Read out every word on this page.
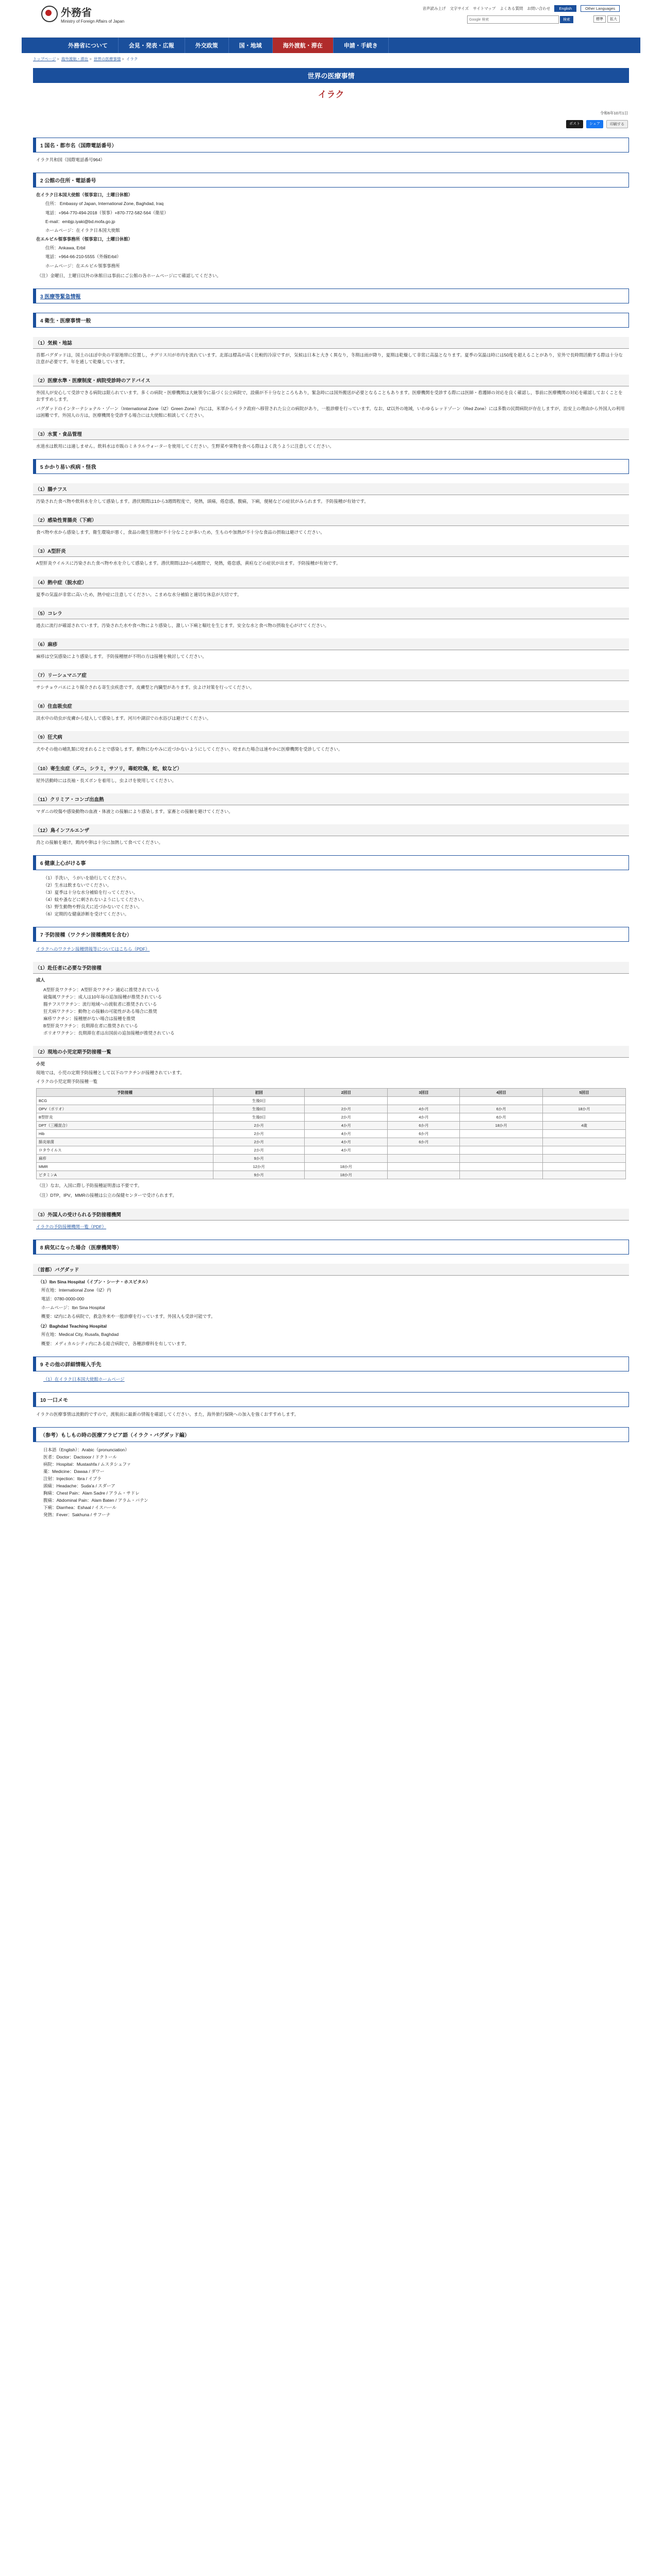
外務省
Ministry of Foreign Affairs of Japan
音声読み上げ 文字サイズ サイトマップ よくある質問 お問い合わせ	English	Other Languages
Google 検索
検索	標準	拡大
外務省について	会見・発表・広報	外交政策	国・地域	海外渡航・滞在	申請・手続き
トップページ > 海外渡航・滞在 > 世界の医療事情 > イラク
世界の医療事情
イラク
令和6年10月1日
ポスト	シェア	印刷する
1 国名・都市名（国際電話番号）

イラク共和国（国際電話番号964）

2 公館の住所・電話番号

在イラク日本国大使館（領事窓口，土曜日休館）

住所： Embassy of Japan, International Zone, Baghdad, Iraq

電話：+964-770-494-2018（領事）+870-772-582-564（衛星）

E-mail：embjp.iyaki@bd.mofa.go.jp

ホームページ：在イラク日本国大使館

在エルビル領事事務所（領事窓口，土曜日休館）

住所：Ankawa, Erbil

電話：+964-66-210-5555（外線Erbil）

ホームページ：在エルビル領事事務所

（注）金曜日，土曜日以外の休館日は事前にご公館の各ホームページにて確認してください。

3 医療等緊急情報
4 衛生・医療事情一般
（1）気候・地誌

首都バグダッドは，国土のほぼ中央の平原地帯に位置し，チグリス川が市内を流れています。北部は標高が高く比較的冷涼ですが，気候は日本と大きく異なり，冬期は雨が降り，夏期は乾燥して非常に高温となります。夏季の気温は時には50度を超えることがあり，室外で長時間活動する際は十分な注意が必要です。年を通して乾燥しています。

（2）医療水準・医療制度・病院受診時のアドバイス

外国人が安心して受診できる病院は限られています。多くの病院・医療機関は大統領令に基づく公立病院で，設備が不十分なところもあり，緊急時には国外搬送が必要となることもあります。医療機関を受診する際には医師・看護師の対応を良く確認し，事前に医療機関の対応を確認しておくことをおすすめします。

バグダッドのインターナショナル・ゾーン（International Zone（IZ）Green Zone）内には，米軍からイラク政府へ移管された公立の病院があり，一般診療を行っています。なお，IZ以外の地域，いわゆるレッドゾーン（Red Zone）には多数の民間病院が存在しますが，治安上の理由から外国人の利用は困難です。外国人の方は，医療機関を受診する場合には大使館に相談してください。

（3）水質・食品管理

水道水は飲用には適しません。飲料水は市販のミネラルウォーターを使用してください。生野菜や果物を食べる際はよく洗うように注意してください。

5 かかり易い疾病・怪我
（1）腸チフス

汚染された食べ物や飲料水を介して感染します。潜伏期間は1から3週間程度で，発熱，頭痛，倦怠感，腹痛，下痢，便秘などの症状がみられます。予防接種が有効です。

（2）感染性胃腸炎（下痢）

食べ物や水から感染します。衛生環境が悪く，食品の衛生管理が不十分なことが多いため，生ものや加熱が不十分な食品の摂取は避けてください。

（3）A型肝炎

A型肝炎ウイルスに汚染された食べ物や水を介して感染します。潜伏期間は2から6週間で，発熱，倦怠感，黄疸などの症状が出ます。予防接種が有効です。

（4）熱中症（脱水症）

夏季の気温が非常に高いため，熱中症に注意してください。こまめな水分補給と適切な休息が大切です。

（5）コレラ

過去に流行が確認されています。汚染された水や食べ物により感染し，激しい下痢と嘔吐を生じます。安全な水と食べ物の摂取を心がけてください。

（6）麻疹

麻疹は空気感染により感染します。予防接種歴が不明の方は接種を検討してください。

（7）リーシュマニア症

サシチョウバエにより媒介される寄生虫疾患です。皮膚型と内臓型があります。虫よけ対策を行ってください。

（8）住血吸虫症

淡水中の幼虫が皮膚から侵入して感染します。河川や湖沼での水浴びは避けてください。

（9）狂犬病

犬やその他の哺乳類に咬まれることで感染します。動物にむやみに近づかないようにしてください。咬まれた場合は速やかに医療機関を受診してください。

（10）寄生虫症（ダニ，シラミ，サソリ，毒蛇咬傷，蛇，蚊など）

屋外活動時には長袖・長ズボンを着用し，虫よけを使用してください。

（11）クリミア・コンゴ出血熱

マダニの咬傷や感染動物の血液・体液との接触により感染します。家畜との接触を避けてください。

（12）鳥インフルエンザ

鳥との接触を避け，鶏肉や卵は十分に加熱して食べてください。

6 健康上心がける事
（1）手洗い，うがいを励行してください。
（2）生水は飲まないでください。
（3）夏季は十分な水分補給を行ってください。
（4）蚊や蚤などに刺されないようにしてください。
（5）野生動物や野良犬に近づかないでください。
（6）定期的な健康診断を受けてください。
7 予防接種（ワクチン接種機関を含む）

イラクへのワクチン接種情報等についてはこちら（PDF）

（1）赴任者に必要な予防接種

成人

A型肝炎ワクチン：A型肝炎ワクチン 適応に推奨されている
破傷風ワクチン：成人は10年毎の追加接種が推奨されている
腸チフスワクチン：流行地域への渡航者に推奨されている
狂犬病ワクチン：動物との接触の可能性がある場合に推奨
麻疹ワクチン：接種歴がない場合は接種を推奨
B型肝炎ワクチン：長期滞在者に推奨されている
ポリオワクチン：長期滞在者は出国前の追加接種が推奨されている
（2）現地の小児定期予防接種一覧

小児

現地では，小児の定期予防接種として以下のワクチンが接種されています。

イラクの小児定期予防接種一覧

予防接種	初回	2回目	3回目	4回目	5回目
BCG	生後0日				
OPV（ポリオ）	生後0日	2か月	4か月	6か月	18か月
B型肝炎	生後0日	2か月	4か月	6か月	
DPT（三種混合）	2か月	4か月	6か月	18か月	4歳
Hib	2か月	4か月	6か月		
肺炎球菌	2か月	4か月	6か月		
ロタウイルス	2か月	4か月			
麻疹	9か月				
MMR	12か月	18か月			
ビタミンA	9か月	18か月			

（注）なお，入国に際し予防接種証明書は不要です。

（注）DTP，IPV，MMRの接種は公立の保健センターで受けられます。

（3）外国人の受けられる予防接種機関

イラクの予防接種機関一覧（PDF）

8 病気になった場合（医療機関等）
（首都）バグダッド
（1）Ibn Sina Hospital（イブン・シーナ・ホスピタル）

所在地：International Zone（IZ）内

電話：0780-0000-000

ホームページ：Ibn Sina Hospital

概要：IZ内にある病院で，救急外来や一般診療を行っています。外国人も受診可能です。

（2）Baghdad Teaching Hospital

所在地：Medical City, Rusafa, Baghdad

概要：メディカルシティ内にある総合病院で，各種診療科を有しています。

9 その他の詳細情報入手先
（1）在イラク日本国大使館ホームページ
10 一口メモ

イラクの医療事情は流動的ですので，渡航前に最新の情報を確認してください。また，海外旅行保険への加入を強くおすすめします。

（参考）もしもの時の医療アラビア語（イラク・バグダッド編）
日本語（English）：Arabic（pronunciation）
医者：Doctor：Dactooor / ドクトール
病院：Hospital：Mustashfa / ムスタシュファ
薬：Medicine：Dawaa / ダワー
注射：Injection：Ibra / イブラ
頭痛：Headache：Suda'a / スダーア
胸痛：Chest Pain：Alam Sadre / アラム・サドレ
腹痛：Abdominal Pain：Alam Baten / アラム・バテン
下痢：Diarrhea：Eshaal / イスハール
発熱：Fever：Sakhuna / サフーナ
